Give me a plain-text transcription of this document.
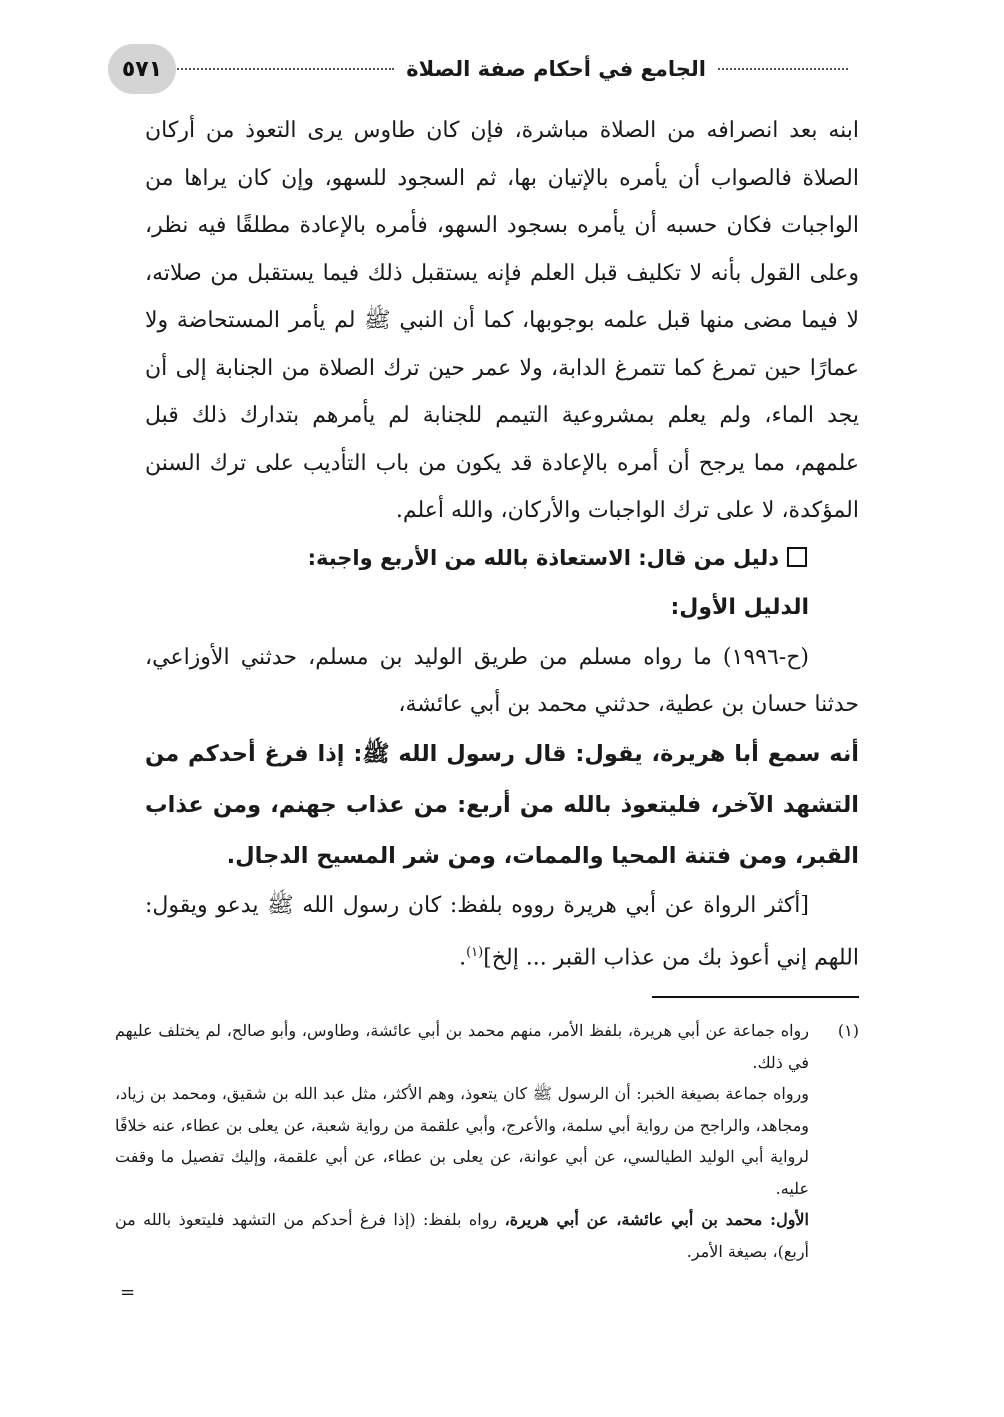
الجامع في أحكام صفة الصلاة
٥٧١

ابنه بعد انصرافه من الصلاة مباشرة، فإن كان طاوس يرى التعوذ من أركان الصلاة فالصواب أن يأمره بالإتيان بها، ثم السجود للسهو، وإن كان يراها من الواجبات فكان حسبه أن يأمره بسجود السهو، فأمره بالإعادة مطلقًا فيه نظر، وعلى القول بأنه لا تكليف قبل العلم فإنه يستقبل ذلك فيما يستقبل من صلاته، لا فيما مضى منها قبل علمه بوجوبها، كما أن النبي ﷺ لم يأمر المستحاضة ولا عمارًا حين تمرغ كما تتمرغ الدابة، ولا عمر حين ترك الصلاة من الجنابة إلى أن يجد الماء، ولم يعلم بمشروعية التيمم للجنابة لم يأمرهم بتدارك ذلك قبل علمهم، مما يرجح أن أمره بالإعادة قد يكون من باب التأديب على ترك السنن المؤكدة، لا على ترك الواجبات والأركان، والله أعلم.

دليل من قال: الاستعاذة بالله من الأربع واجبة:

الدليل الأول:

(ح-١٩٩٦) ما رواه مسلم من طريق الوليد بن مسلم، حدثني الأوزاعي، حدثنا حسان بن عطية، حدثني محمد بن أبي عائشة،

أنه سمع أبا هريرة، يقول: قال رسول الله ﷺ: إذا فرغ أحدكم من التشهد الآخر، فليتعوذ بالله من أربع: من عذاب جهنم، ومن عذاب القبر، ومن فتنة المحيا والممات، ومن شر المسيح الدجال.

[أكثر الرواة عن أبي هريرة رووه بلفظ: كان رسول الله ﷺ يدعو ويقول: اللهم إني أعوذ بك من عذاب القبر ... إلخ]$^{(١)}$.

(١)

رواه جماعة عن أبي هريرة، بلفظ الأمر، منهم محمد بن أبي عائشة، وطاوس، وأبو صالح، لم يختلف عليهم في ذلك.

ورواه جماعة بصيغة الخبر: أن الرسول ﷺ كان يتعوذ، وهم الأكثر، مثل عبد الله بن شقيق، ومحمد بن زياد، ومجاهد، والراجح من رواية أبي سلمة، والأعرج، وأبي علقمة من رواية شعبة، عن يعلى بن عطاء، عنه خلافًا لرواية أبي الوليد الطيالسي، عن أبي عوانة، عن يعلى بن عطاء، عن أبي علقمة، وإليك تفصيل ما وقفت عليه.

الأول: محمد بن أبي عائشة، عن أبي هريرة، رواه بلفظ: (إذا فرغ أحدكم من التشهد فليتعوذ بالله من أربع)، بصيغة الأمر.

=
